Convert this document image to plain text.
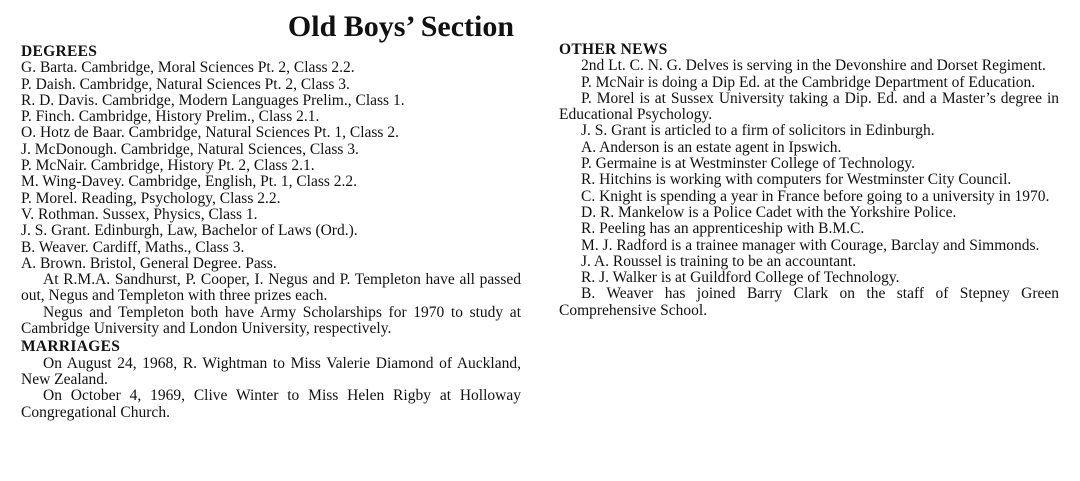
Old Boys’ Section
DEGREES
G. Barta. Cambridge, Moral Sciences Pt. 2, Class 2.2.
P. Daish. Cambridge, Natural Sciences Pt. 2, Class 3.
R. D. Davis. Cambridge, Modern Languages Prelim., Class 1.
P. Finch. Cambridge, History Prelim., Class 2.1.
O. Hotz de Baar. Cambridge, Natural Sciences Pt. 1, Class 2.
J. McDonough. Cambridge, Natural Sciences, Class 3.
P. McNair. Cambridge, History Pt. 2, Class 2.1.
M. Wing-Davey. Cambridge, English, Pt. 1, Class 2.2.
P. Morel. Reading, Psychology, Class 2.2.
V. Rothman. Sussex, Physics, Class 1.
J. S. Grant. Edinburgh, Law, Bachelor of Laws (Ord.).
B. Weaver. Cardiff, Maths., Class 3.
A. Brown. Bristol, General Degree. Pass.
At R.M.A. Sandhurst, P. Cooper, I. Negus and P. Templeton have all passed out, Negus and Templeton with three prizes each.
Negus and Templeton both have Army Scholarships for 1970 to study at Cambridge University and London University, respectively.
MARRIAGES
On August 24, 1968, R. Wightman to Miss Valerie Diamond of Auckland, New Zealand.
On October 4, 1969, Clive Winter to Miss Helen Rigby at Holloway Congregational Church.
OTHER NEWS
2nd Lt. C. N. G. Delves is serving in the Devonshire and Dorset Regiment.
P. McNair is doing a Dip Ed. at the Cambridge Department of Education.
P. Morel is at Sussex University taking a Dip. Ed. and a Master’s degree in Educational Psychology.
J. S. Grant is articled to a firm of solicitors in Edinburgh.
A. Anderson is an estate agent in Ipswich.
P. Germaine is at Westminster College of Technology.
R. Hitchins is working with computers for Westminster City Council.
C. Knight is spending a year in France before going to a university in 1970.
D. R. Mankelow is a Police Cadet with the Yorkshire Police.
R. Peeling has an apprenticeship with B.M.C.
M. J. Radford is a trainee manager with Courage, Barclay and Simmonds.
J. A. Roussel is training to be an accountant.
R. J. Walker is at Guildford College of Technology.
B. Weaver has joined Barry Clark on the staff of Stepney Green Comprehensive School.
